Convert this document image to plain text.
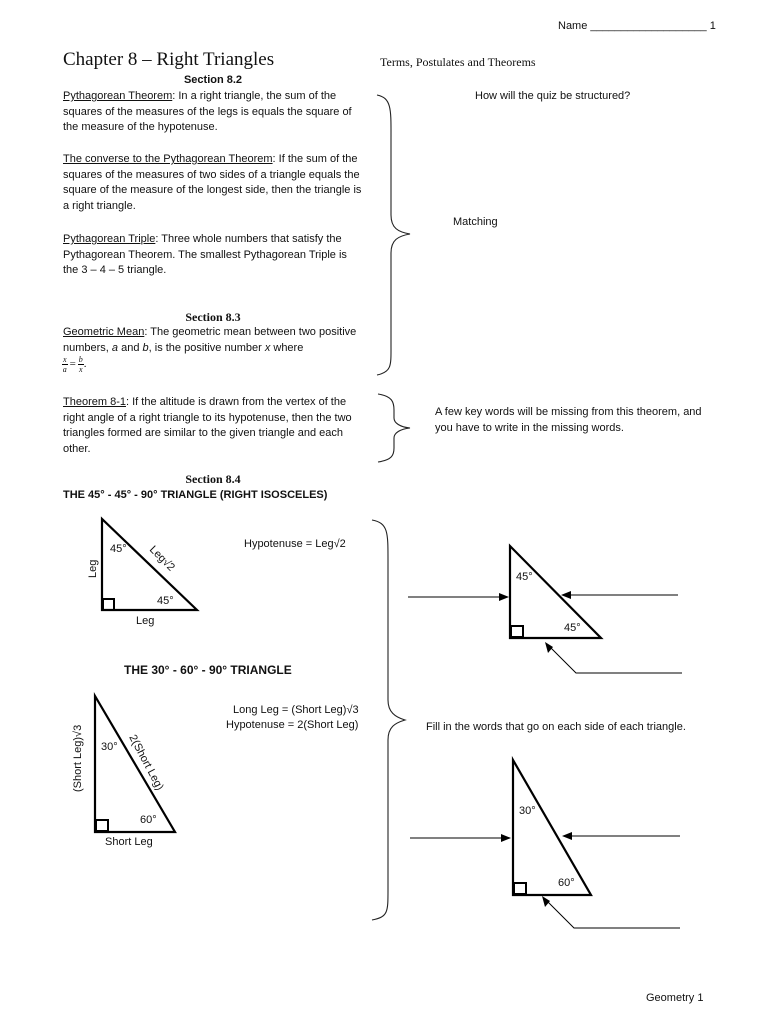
Name ___________________ 1
Chapter 8 – Right Triangles	Terms, Postulates and Theorems
Section 8.2
Pythagorean Theorem: In a right triangle, the sum of the squares of the measures of the legs is equals the square of the measure of the hypotenuse.
The converse to the Pythagorean Theorem: If the sum of the squares of the measures of two sides of a triangle equals the square of the measure of the longest side, then the triangle is a right triangle.
Pythagorean Triple: Three whole numbers that satisfy the Pythagorean Theorem. The smallest Pythagorean Triple is the 3 – 4 – 5 triangle.
Section 8.3
Geometric Mean: The geometric mean between two positive numbers, a and b, is the positive number x where
$\frac{x}{a} = \frac{b}{x}$ .
Theorem 8-1: If the altitude is drawn from the vertex of the right angle of a right triangle to its hypotenuse, then the two triangles formed are similar to the given triangle and each other.
Section 8.4
THE 45° - 45° - 90° TRIANGLE (RIGHT ISOSCELES)
Hypotenuse = Leg√2
THE 30° - 60° - 90° TRIANGLE
Long Leg = (Short Leg)√3
Hypotenuse = 2(Short Leg)
How will the quiz be structured?
Matching
A few key words will be missing from this theorem, and you have to write in the missing words.
Fill in the words that go on each side of each triangle.
Geometry 1
45°
45°
Leg
Leg	Leg√2
30°
60°
Short Leg
(Short Leg)√3	2(Short Leg)
45°
45°
30°
60°
